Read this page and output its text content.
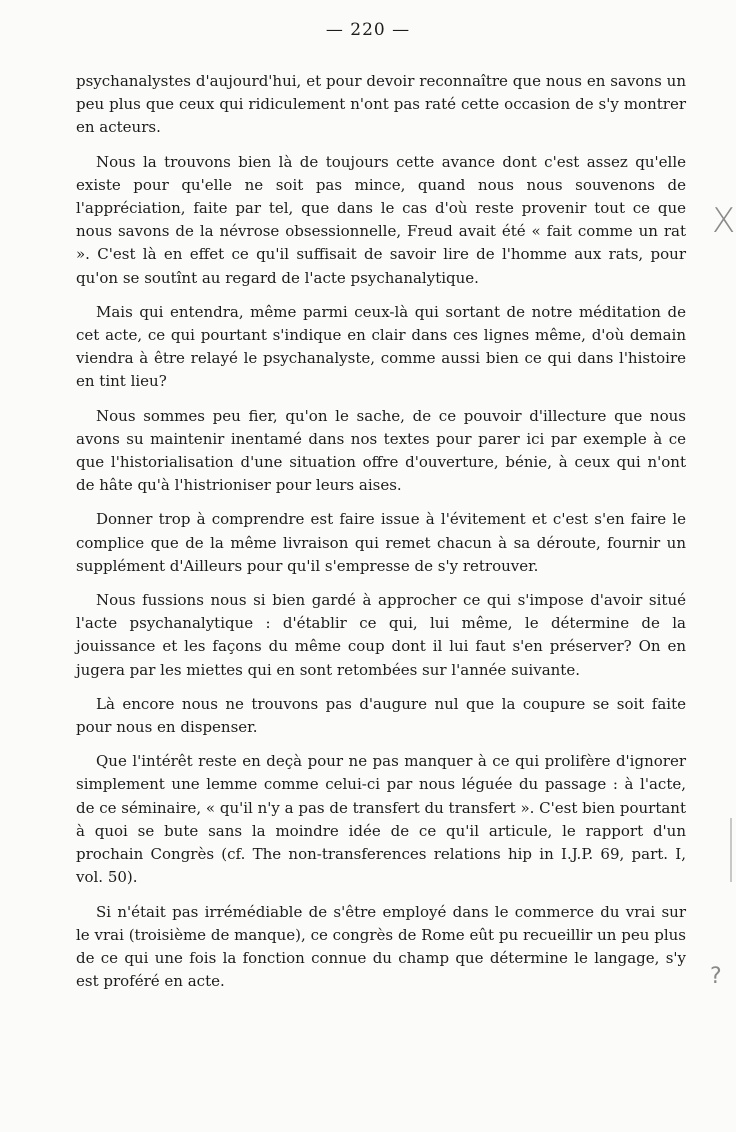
— 220 —

psychanalystes d'aujourd'hui, et pour devoir reconnaître que nous en savons un peu plus que ceux qui ridiculement n'ont pas raté cette occasion de s'y montrer en acteurs.

Nous la trouvons bien là de toujours cette avance dont c'est assez qu'elle existe pour qu'elle ne soit pas mince, quand nous nous souvenons de l'appréciation, faite par tel, que dans le cas d'où reste provenir tout ce que nous savons de la névrose obsessionnelle, Freud avait été « fait comme un rat ». C'est là en effet ce qu'il suffisait de savoir lire de l'homme aux rats, pour qu'on se soutînt au regard de l'acte psychanalytique.

Mais qui entendra, même parmi ceux-là qui sortant de notre méditation de cet acte, ce qui pourtant s'indique en clair dans ces lignes même, d'où demain viendra à être relayé le psychanalyste, comme aussi bien ce qui dans l'histoire en tint lieu?

Nous sommes peu fier, qu'on le sache, de ce pouvoir d'illecture que nous avons su maintenir inentamé dans nos textes pour parer ici par exemple à ce que l'historialisation d'une situation offre d'ouverture, bénie, à ceux qui n'ont de hâte qu'à l'histrioniser pour leurs aises.

Donner trop à comprendre est faire issue à l'évitement et c'est s'en faire le complice que de la même livraison qui remet chacun à sa déroute, fournir un supplément d'Ailleurs pour qu'il s'empresse de s'y retrouver.

Nous fussions nous si bien gardé à approcher ce qui s'impose d'avoir situé l'acte psychanalytique : d'établir ce qui, lui même, le détermine de la jouissance et les façons du même coup dont il lui faut s'en préserver? On en jugera par les miettes qui en sont retombées sur l'année suivante.

Là encore nous ne trouvons pas d'augure nul que la coupure se soit faite pour nous en dispenser.

Que l'intérêt reste en deçà pour ne pas manquer à ce qui prolifère d'ignorer simplement une lemme comme celui-ci par nous léguée du passage : à l'acte, de ce séminaire, « qu'il n'y a pas de transfert du transfert ». C'est bien pourtant à quoi se bute sans la moindre idée de ce qu'il articule, le rapport d'un prochain Congrès (cf. The non-transferences relations hip in I.J.P. 69, part. I, vol. 50).

Si n'était pas irrémédiable de s'être employé dans le commerce du vrai sur le vrai (troisième de manque), ce congrès de Rome eût pu recueillir un peu plus de ce qui une fois la fonction connue du champ que détermine le langage, s'y est proféré en acte.

X
?
